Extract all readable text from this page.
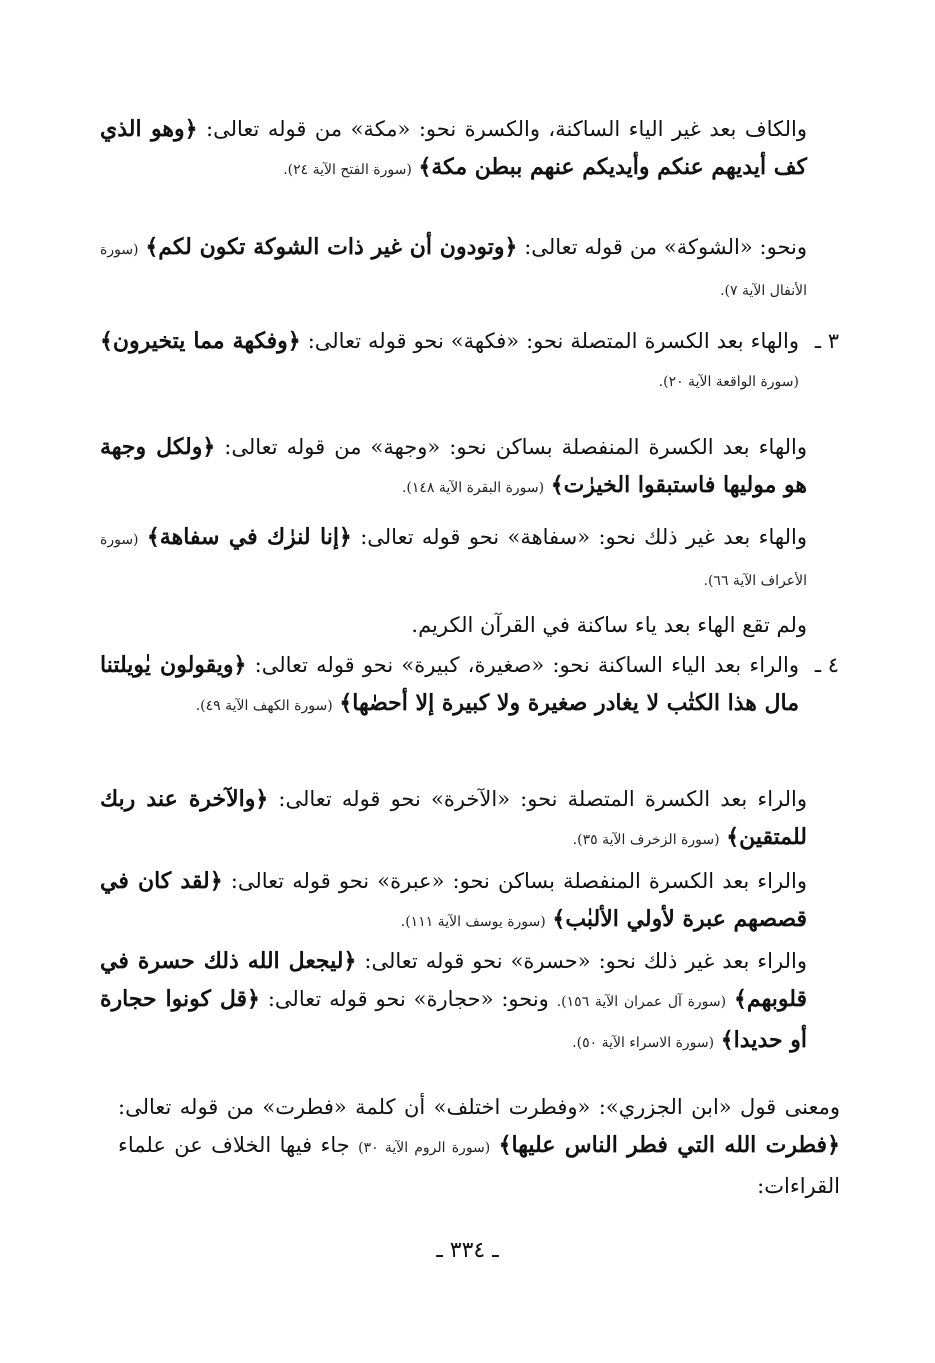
والكاف بعد غير الياء الساكنة، والكسرة نحو: «مكة» من قوله تعالى: ﴿وهو الذي كف أيديهم عنكم وأيديكم عنهم ببطن مكة﴾ (سورة الفتح الآية ٢٤).
ونحو: «الشوكة» من قوله تعالى: ﴿وتودون أن غير ذات الشوكة تكون لكم﴾ (سورة الأنفال الآية ٧).
٣ ـ
والهاء بعد الكسرة المتصلة نحو: «فكهة» نحو قوله تعالى: ﴿وفكهة مما يتخيرون﴾ (سورة الواقعة الآية ٢٠).
والهاء بعد الكسرة المنفصلة بساكن نحو: «وجهة» من قوله تعالى: ﴿ولكل وجهة هو موليها فاستبقوا الخيرٰت﴾ (سورة البقرة الآية ١٤٨).
والهاء بعد غير ذلك نحو: «سفاهة» نحو قوله تعالى: ﴿إنا لنرٰك في سفاهة﴾ (سورة الأعراف الآية ٦٦).
ولم تقع الهاء بعد ياء ساكنة في القرآن الكريم.
٤ ـ
والراء بعد الياء الساكنة نحو: «صغيرة، كبيرة» نحو قوله تعالى: ﴿ويقولون يٰويلتنا مال هذا الكتٰب لا يغادر صغيرة ولا كبيرة إلا أحصٰها﴾ (سورة الكهف الآية ٤٩).
والراء بعد الكسرة المتصلة نحو: «الآخرة» نحو قوله تعالى: ﴿والآخرة عند ربك للمتقين﴾ (سورة الزخرف الآية ٣٥).
والراء بعد الكسرة المنفصلة بساكن نحو: «عبرة» نحو قوله تعالى: ﴿لقد كان في قصصهم عبرة لأولي الألبٰب﴾ (سورة يوسف الآية ١١١).
والراء بعد غير ذلك نحو: «حسرة» نحو قوله تعالى: ﴿ليجعل الله ذلك حسرة في قلوبهم﴾ (سورة آل عمران الآية ١٥٦). ونحو: «حجارة» نحو قوله تعالى: ﴿قل كونوا حجارة أو حديدا﴾ (سورة الاسراء الآية ٥٠).
ومعنى قول «ابن الجزري»: «وفطرت اختلف» أن كلمة «فطرت» من قوله تعالى: ﴿فطرت الله التي فطر الناس عليها﴾ (سورة الروم الآية ٣٠) جاء فيها الخلاف عن علماء القراءات:
ـ ٣٣٤ ـ
